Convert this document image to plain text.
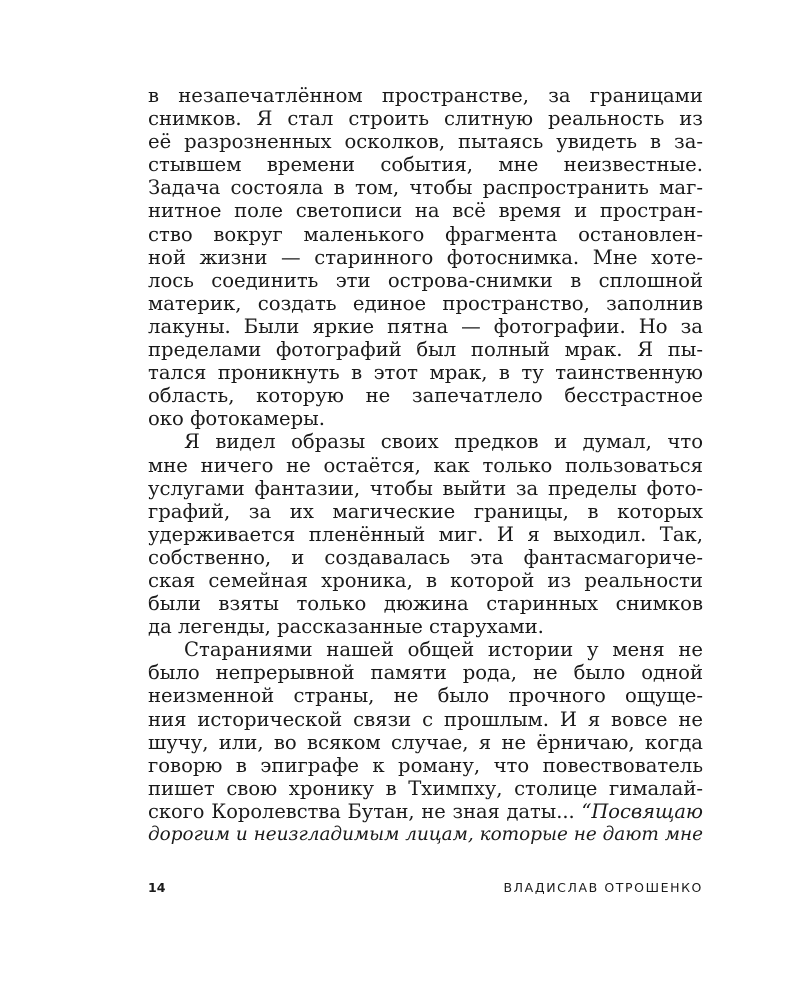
в незапечатлённом пространстве, за границами
снимков. Я стал строить слитную реальность из
её разрозненных осколков, пытаясь увидеть в за-
стывшем времени события, мне неизвестные.
Задача состояла в том, чтобы распространить маг-
нитное поле светописи на всё время и простран-
ство вокруг маленького фрагмента остановлен-
ной жизни — старинного фотоснимка. Мне хоте-
лось соединить эти острова-снимки в сплошной
материк, создать единое пространство, заполнив
лакуны. Были яркие пятна — фотографии. Но за
пределами фотографий был полный мрак. Я пы-
тался проникнуть в этот мрак, в ту таинственную
область, которую не запечатлело бесстрастное
око фотокамеры.
Я видел образы своих предков и думал, что
мне ничего не остаётся, как только пользоваться
услугами фантазии, чтобы выйти за пределы фото-
графий, за их магические границы, в которых
удерживается пленённый миг. И я выходил. Так,
собственно, и создавалась эта фантасмагориче-
ская семейная хроника, в которой из реальности
были взяты только дюжина старинных снимков
да легенды, рассказанные старухами.
Стараниями нашей общей истории у меня не
было непрерывной памяти рода, не было одной
неизменной страны, не было прочного ощуще-
ния исторической связи с прошлым. И я вовсе не
шучу, или, во всяком случае, я не ёрничаю, когда
говорю в эпиграфе к роману, что повествователь
пишет свою хронику в Тхимпху, столице гималай-
ского Королевства Бутан, не зная даты... “Посвящаю
дорогим и неизгладимым лицам, которые не дают мне
14	ВЛАДИСЛАВ ОТРОШЕНКО
